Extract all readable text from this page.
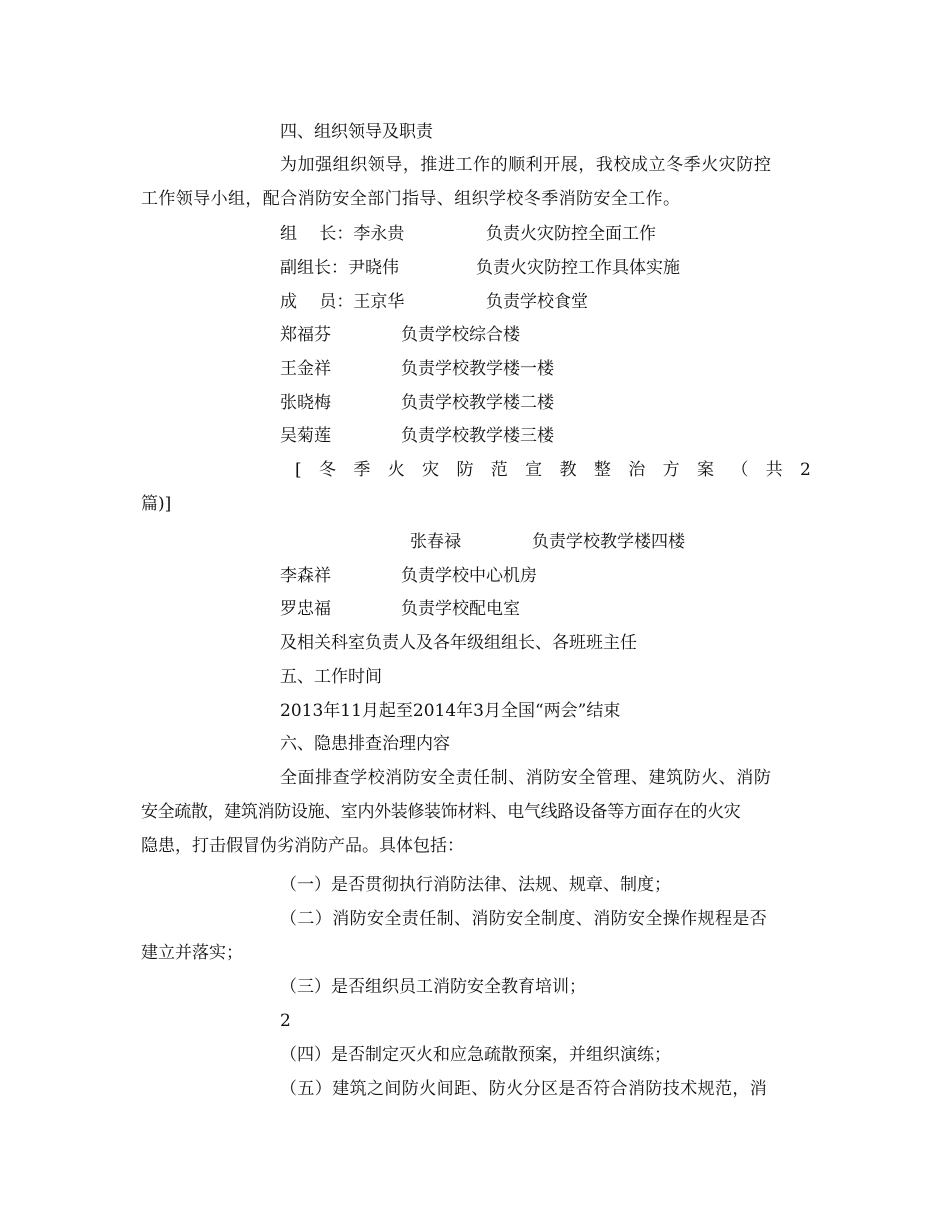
四、组织领导及职责
为加强组织领导，推进工作的顺利开展，我校成立冬季火灾防控
工作领导小组，配合消防安全部门指导、组织学校冬季消防安全工作。
组　 长：李永贵	负责火灾防控全面工作
副组长：尹晓伟	负责火灾防控工作具体实施
成　 员：王京华	负责学校食堂
郑福芬	负责学校综合楼
王金祥	负责学校教学楼一楼
张晓梅	负责学校教学楼二楼
吴菊莲	负责学校教学楼三楼
[ 冬 季 火 灾 防 范 宣 教 整 治 方 案 （ 共 2
篇)]
张春禄	负责学校教学楼四楼
李森祥	负责学校中心机房
罗忠福	负责学校配电室
及相关科室负责人及各年级组组长、各班班主任
五、工作时间
2013年11月起至2014年3月全国“两会”结束
六、隐患排查治理内容
全面排查学校消防安全责任制、消防安全管理、建筑防火、消防
安全疏散，建筑消防设施、室内外装修装饰材料、电气线路设备等方面存在的火灾
隐患，打击假冒伪劣消防产品。具体包括：
（一）是否贯彻执行消防法律、法规、规章、制度；
（二）消防安全责任制、消防安全制度、消防安全操作规程是否
建立并落实；
（三）是否组织员工消防安全教育培训；
2
（四）是否制定灭火和应急疏散预案，并组织演练；
（五）建筑之间防火间距、防火分区是否符合消防技术规范，消
